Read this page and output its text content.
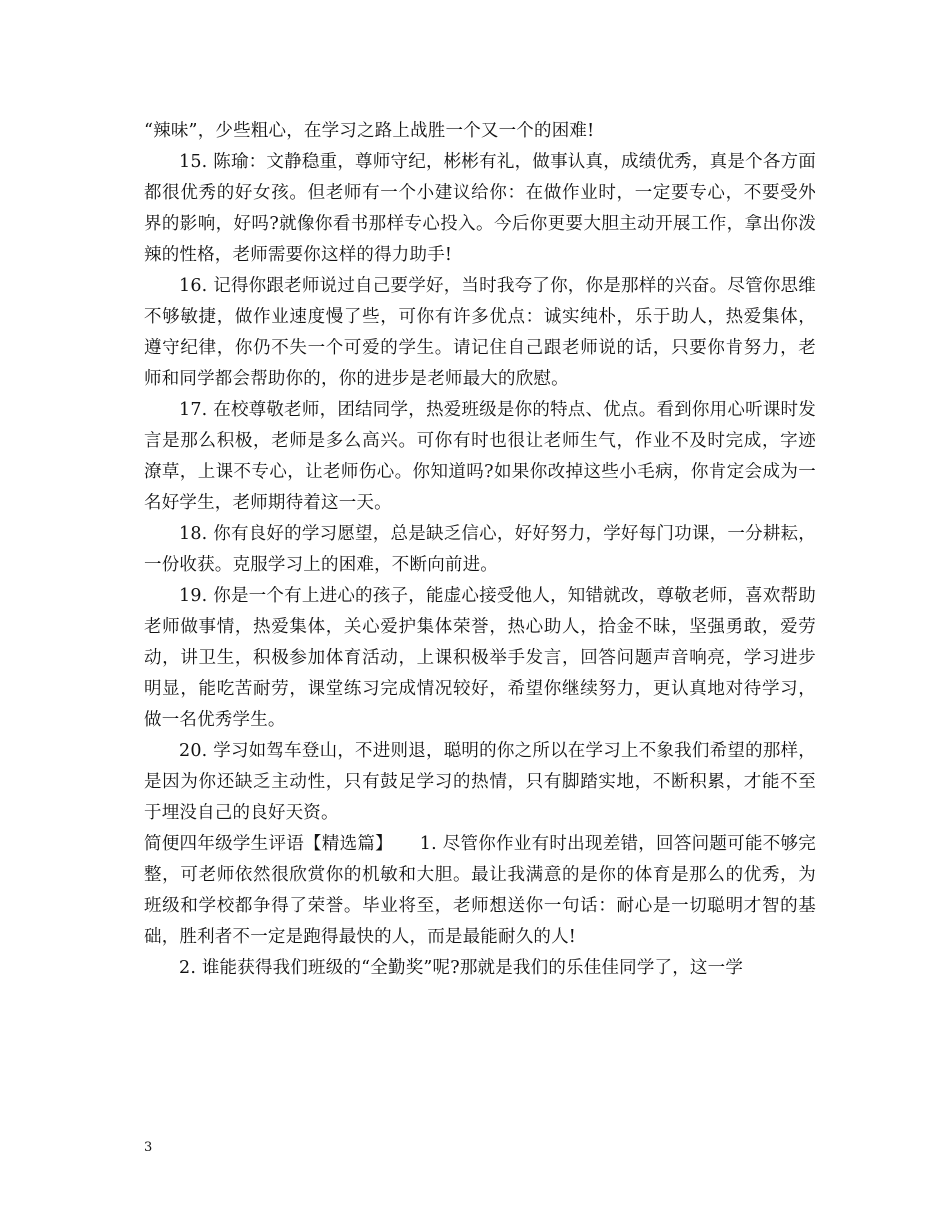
“辣味”，少些粗心，在学习之路上战胜一个又一个的困难!

15. 陈瑜：文静稳重，尊师守纪，彬彬有礼，做事认真，成绩优秀，真是个各方面都很优秀的好女孩。但老师有一个小建议给你：在做作业时，一定要专心，不要受外界的影响，好吗?就像你看书那样专心投入。今后你更要大胆主动开展工作，拿出你泼辣的性格，老师需要你这样的得力助手!

16. 记得你跟老师说过自己要学好，当时我夸了你，你是那样的兴奋。尽管你思维不够敏捷，做作业速度慢了些，可你有许多优点：诚实纯朴，乐于助人，热爱集体，遵守纪律，你仍不失一个可爱的学生。请记住自己跟老师说的话，只要你肯努力，老师和同学都会帮助你的，你的进步是老师最大的欣慰。

17. 在校尊敬老师，团结同学，热爱班级是你的特点、优点。看到你用心听课时发言是那么积极，老师是多么高兴。可你有时也很让老师生气，作业不及时完成，字迹潦草，上课不专心，让老师伤心。你知道吗?如果你改掉这些小毛病，你肯定会成为一名好学生，老师期待着这一天。

18. 你有良好的学习愿望，总是缺乏信心，好好努力，学好每门功课，一分耕耘，一份收获。克服学习上的困难，不断向前进。

19. 你是一个有上进心的孩子，能虚心接受他人，知错就改，尊敬老师，喜欢帮助老师做事情，热爱集体，关心爱护集体荣誉，热心助人，拾金不昧，坚强勇敢，爱劳动，讲卫生，积极参加体育活动，上课积极举手发言，回答问题声音响亮，学习进步明显，能吃苦耐劳，课堂练习完成情况较好，希望你继续努力，更认真地对待学习，做一名优秀学生。

20. 学习如驾车登山，不进则退，聪明的你之所以在学习上不象我们希望的那样，是因为你还缺乏主动性，只有鼓足学习的热情，只有脚踏实地，不断积累，才能不至于埋没自己的良好天资。

简便四年级学生评语【精选篇】　　1. 尽管你作业有时出现差错，回答问题可能不够完整，可老师依然很欣赏你的机敏和大胆。最让我满意的是你的体育是那么的优秀，为班级和学校都争得了荣誉。毕业将至，老师想送你一句话：耐心是一切聪明才智的基础，胜利者不一定是跑得最快的人，而是最能耐久的人!

2. 谁能获得我们班级的“全勤奖”呢?那就是我们的乐佳佳同学了，这一学

3
